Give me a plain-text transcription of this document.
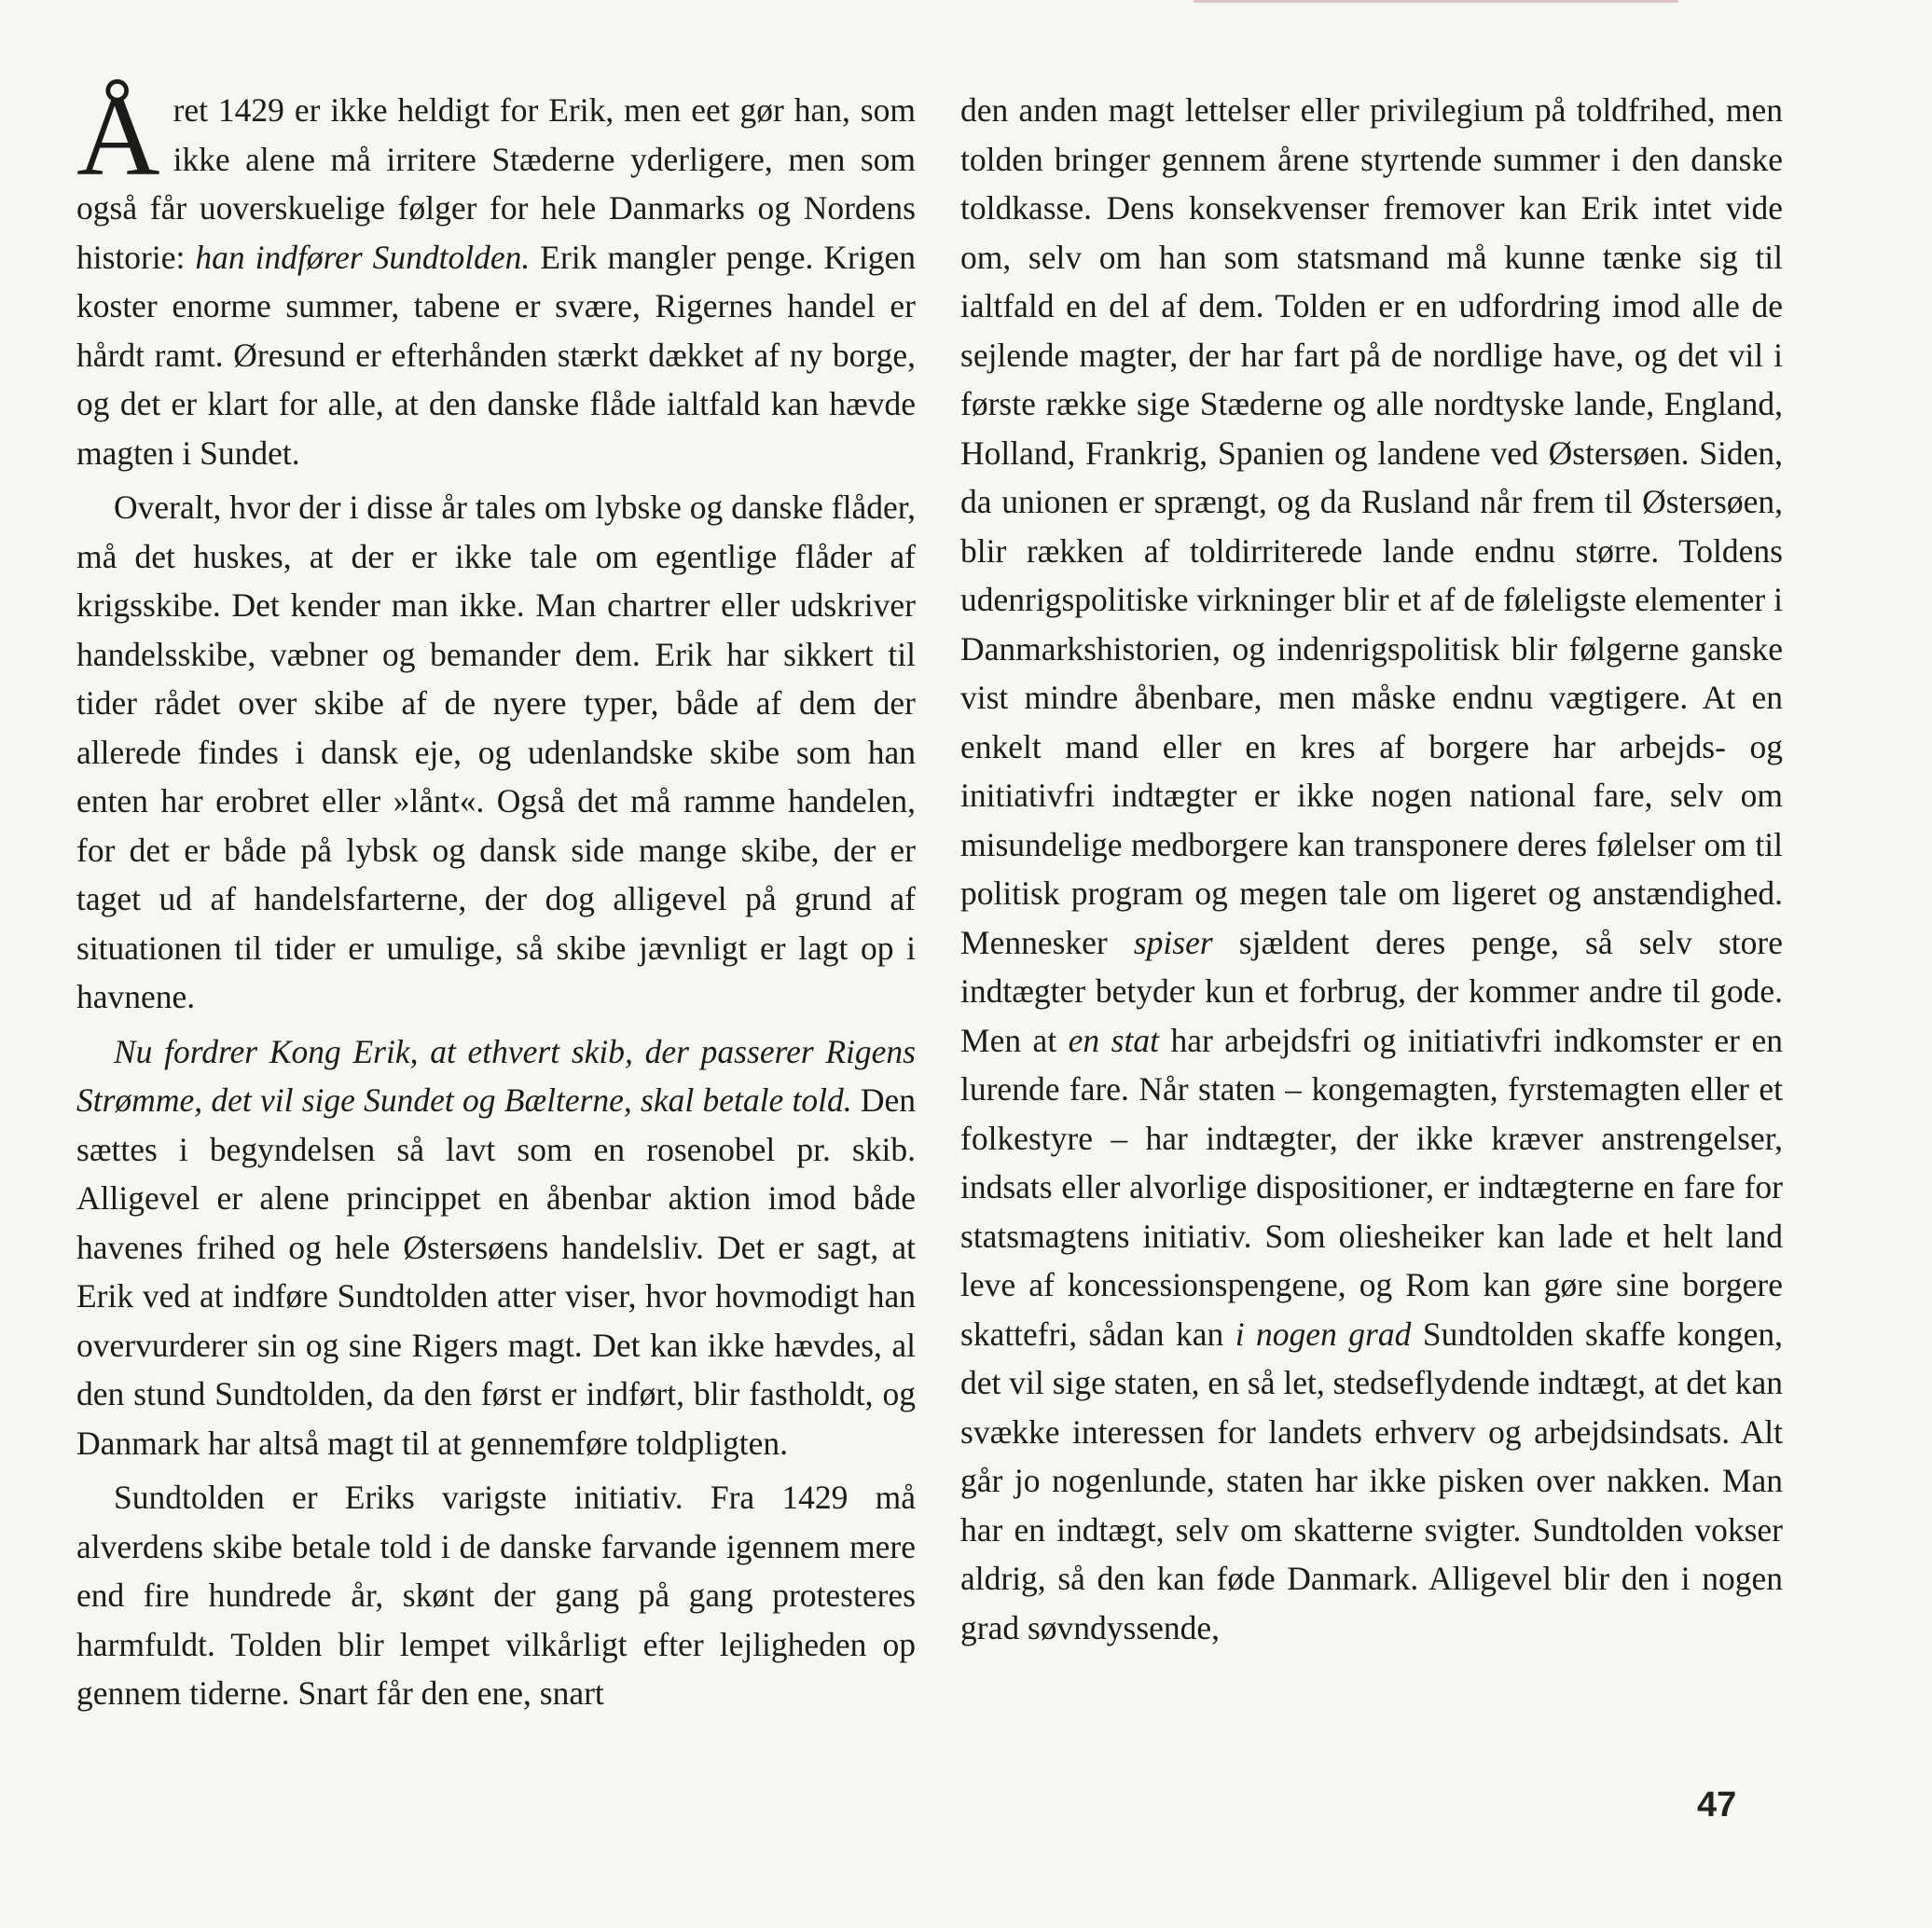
Året 1429 er ikke heldigt for Erik, men eet gør han, som ikke alene må irritere Stæderne yderligere, men som også får uoverskuelige følger for hele Danmarks og Nordens historie: han indfører Sundtolden. Erik mangler penge. Krigen koster enorme summer, tabene er svære, Rigernes handel er hårdt ramt. Øresund er efterhånden stærkt dækket af ny borge, og det er klart for alle, at den danske flåde ialtfald kan hævde magten i Sundet.

Overalt, hvor der i disse år tales om lybske og danske flåder, må det huskes, at der er ikke tale om egentlige flåder af krigsskibe. Det kender man ikke. Man chartrer eller udskriver handelsskibe, væbner og bemander dem. Erik har sikkert til tider rådet over skibe af de nyere typer, både af dem der allerede findes i dansk eje, og udenlandske skibe som han enten har erobret eller »lånt«. Også det må ramme handelen, for det er både på lybsk og dansk side mange skibe, der er taget ud af handelsfarterne, der dog alligevel på grund af situationen til tider er umulige, så skibe jævnligt er lagt op i havnene.

Nu fordrer Kong Erik, at ethvert skib, der passerer Rigens Strømme, det vil sige Sundet og Bælterne, skal betale told. Den sættes i begyndelsen så lavt som en rosenobel pr. skib. Alligevel er alene princippet en åbenbar aktion imod både havenes frihed og hele Østersøens handelsliv. Det er sagt, at Erik ved at indføre Sundtolden atter viser, hvor hovmodigt han overvurderer sin og sine Rigers magt. Det kan ikke hævdes, al den stund Sundtolden, da den først er indført, blir fastholdt, og Danmark har altså magt til at gennemføre toldpligten.

Sundtolden er Eriks varigste initiativ. Fra 1429 må alverdens skibe betale told i de danske farvande igennem mere end fire hundrede år, skønt der gang på gang protesteres harmfuldt. Tolden blir lempet vilkårligt efter lejligheden op gennem tiderne. Snart får den ene, snart

den anden magt lettelser eller privilegium på toldfrihed, men tolden bringer gennem årene styrtende summer i den danske toldkasse. Dens konsekvenser fremover kan Erik intet vide om, selv om han som statsmand må kunne tænke sig til ialtfald en del af dem. Tolden er en udfordring imod alle de sejlende magter, der har fart på de nordlige have, og det vil i første række sige Stæderne og alle nordtyske lande, England, Holland, Frankrig, Spanien og landene ved Østersøen. Siden, da unionen er sprængt, og da Rusland når frem til Østersøen, blir rækken af toldirriterede lande endnu større. Toldens udenrigspolitiske virkninger blir et af de føleligste elementer i Danmarkshistorien, og indenrigspolitisk blir følgerne ganske vist mindre åbenbare, men måske endnu vægtigere. At en enkelt mand eller en kres af borgere har arbejds- og initiativfri indtægter er ikke nogen national fare, selv om misundelige medborgere kan transponere deres følelser om til politisk program og megen tale om ligeret og anstændighed. Mennesker spiser sjældent deres penge, så selv store indtægter betyder kun et forbrug, der kommer andre til gode. Men at en stat har arbejdsfri og initiativfri indkomster er en lurende fare. Når staten – kongemagten, fyrstemagten eller et folkestyre – har indtægter, der ikke kræver anstrengelser, indsats eller alvorlige dispositioner, er indtægterne en fare for statsmagtens initiativ. Som oliesheiker kan lade et helt land leve af koncessionspengene, og Rom kan gøre sine borgere skattefri, sådan kan i nogen grad Sundtolden skaffe kongen, det vil sige staten, en så let, stedseflydende indtægt, at det kan svække interessen for landets erhverv og arbejdsindsats. Alt går jo nogenlunde, staten har ikke pisken over nakken. Man har en indtægt, selv om skatterne svigter. Sundtolden vokser aldrig, så den kan føde Danmark. Alligevel blir den i nogen grad søvndyssende,

47
